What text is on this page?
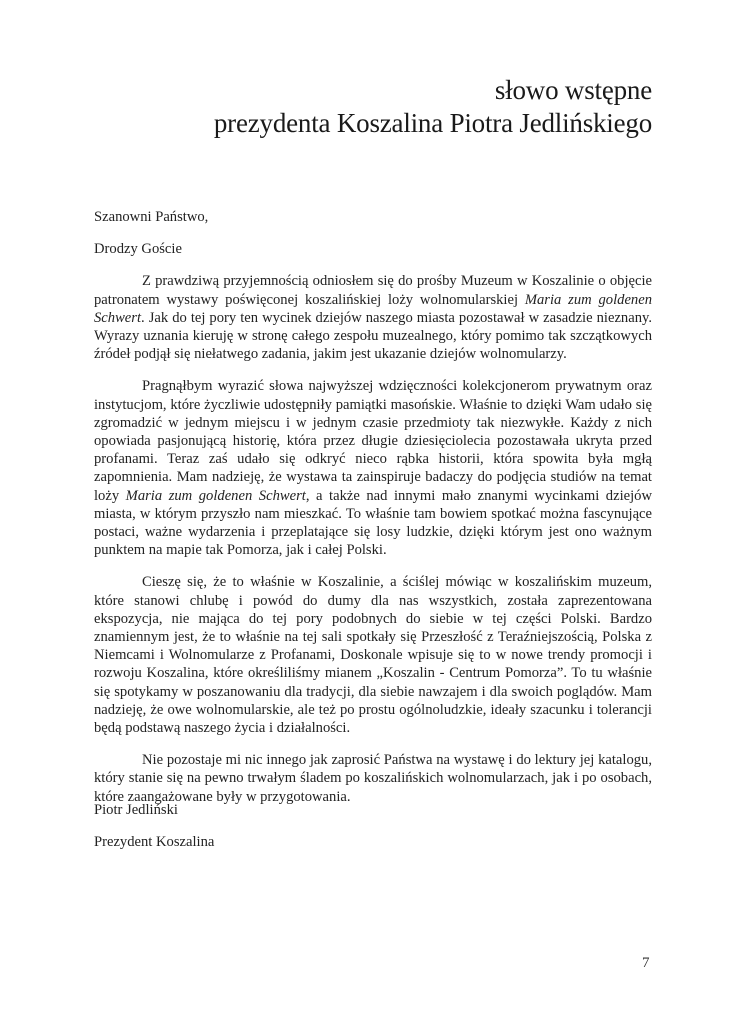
słowo wstępne
prezydenta Koszalina Piotra Jedlińskiego
Szanowni Państwo,
Drodzy Goście

Z prawdziwą przyjemnością odniosłem się do prośby Muzeum w Koszalinie o objęcie patronatem wystawy poświęconej koszalińskiej loży wolnomularskiej Maria zum goldenen Schwert. Jak do tej pory ten wycinek dziejów naszego miasta pozostawał w zasadzie nieznany. Wyrazy uznania kieruję w stronę całego zespołu muzealnego, który pomimo tak szczątkowych źródeł podjął się niełatwego zadania, jakim jest ukazanie dziejów wolnomularzy.

Pragnąłbym wyrazić słowa najwyższej wdzięczności kolekcjonerom prywatnym oraz instytucjom, które życzliwie udostępniły pamiątki masońskie. Właśnie to dzięki Wam udało się zgromadzić w jednym miejscu i w jednym czasie przedmioty tak niezwykłe. Każdy z nich opowiada pasjonującą historię, która przez długie dziesięciolecia pozostawała ukryta przed profanami. Teraz zaś udało się odkryć nieco rąbka historii, która spowita była mgłą zapomnienia. Mam nadzieję, że wystawa ta zainspiruje badaczy do podjęcia studiów na temat loży Maria zum goldenen Schwert, a także nad innymi mało znanymi wycinkami dziejów miasta, w którym przyszło nam mieszkać. To właśnie tam bowiem spotkać można fascynujące postaci, ważne wydarzenia i przeplatające się losy ludzkie, dzięki którym jest ono ważnym punktem na mapie tak Pomorza, jak i całej Polski.

Cieszę się, że to właśnie w Koszalinie, a ściślej mówiąc w koszalińskim muzeum, które stanowi chlubę i powód do dumy dla nas wszystkich, została zaprezentowana ekspozycja, nie mająca do tej pory podobnych do siebie w tej części Polski. Bardzo znamiennym jest, że to właśnie na tej sali spotkały się Przeszłość z Teraźniejszością, Polska z Niemcami i Wolnomularze z Profanami, Doskonale wpisuje się to w nowe trendy promocji i rozwoju Koszalina, które określiliśmy mianem „Koszalin - Centrum Pomorza”. To tu właśnie się spotykamy w poszanowaniu dla tradycji, dla siebie nawzajem i dla swoich poglądów. Mam nadzieję, że owe wolnomularskie, ale też po prostu ogólnoludzkie, ideały szacunku i tolerancji będą podstawą naszego życia i działalności.

Nie pozostaje mi nic innego jak zaprosić Państwa na wystawę i do lektury jej katalogu, który stanie się na pewno trwałym śladem po koszalińskich wolnomularzach, jak i po osobach, które zaangażowane były w przygotowania.

Piotr Jedliński
Prezydent Koszalina
7
